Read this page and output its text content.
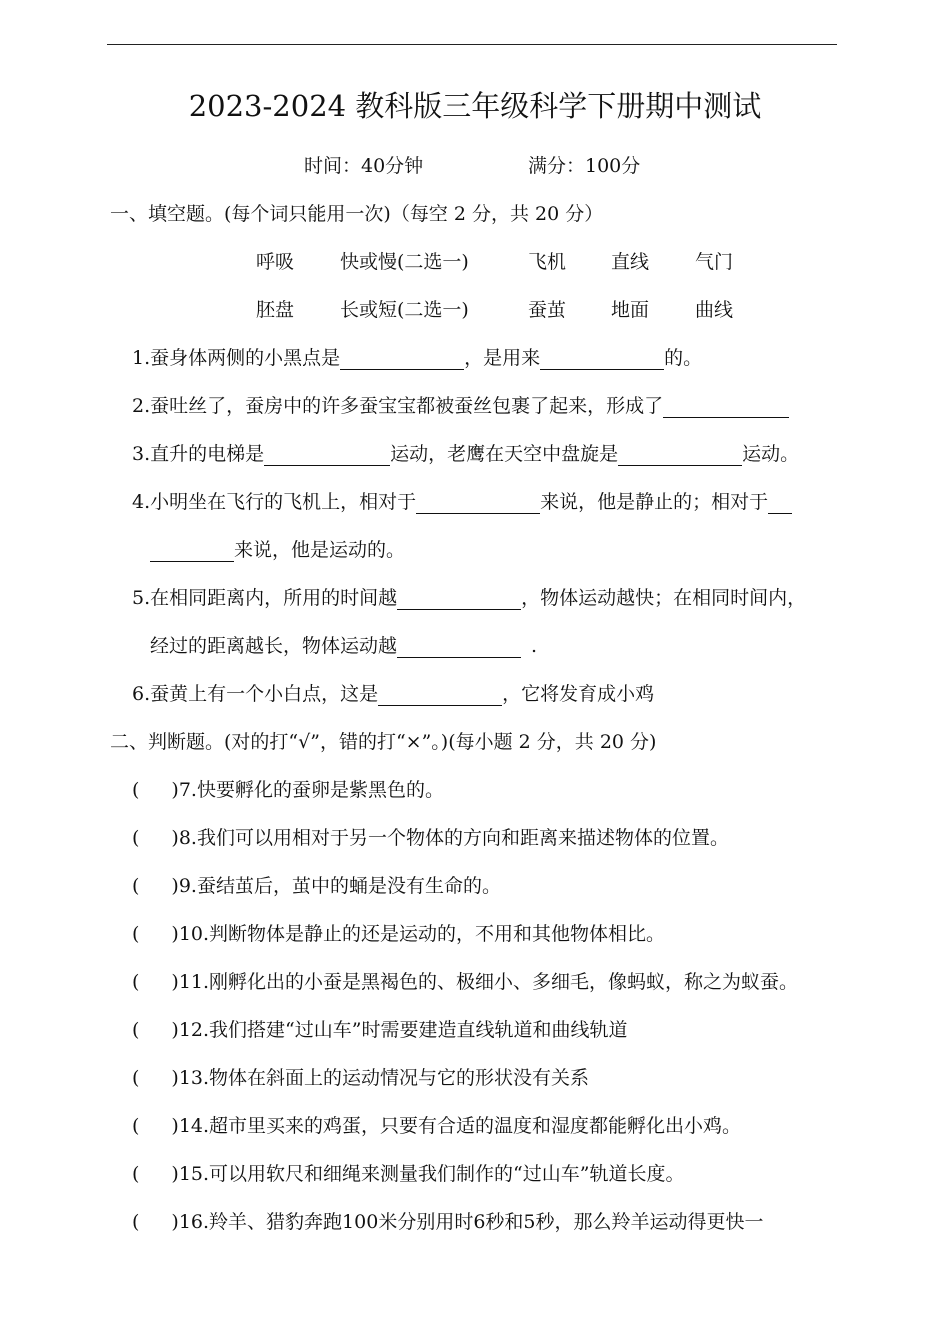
2023-2024 教科版三年级科学下册期中测试
时间：40分钟	满分：100分
一、填空题。(每个词只能用一次)（每空 2 分，共 20 分）
呼吸 快或慢(二选一)	飞机 直线 气门
胚盘 长或短(二选一)	蚕茧 地面 曲线
1.蚕身体两侧的小黑点是	，是用来	的。
2.蚕吐丝了，蚕房中的许多蚕宝宝都被蚕丝包裹了起来，形成了
3.直升的电梯是	运动，老鹰在天空中盘旋是	运动。
4.小明坐在飞行的飞机上，相对于	来说，他是静止的；相对于
来说，他是运动的。
5.在相同距离内，所用的时间越	，物体运动越快；在相同时间内，
经过的距离越长，物体运动越	.
6.蚕黄上有一个小白点，这是	，它将发育成小鸡
二、判断题。(对的打“√”，错的打“×”。)(每小题 2 分，共 20 分)
( )7.快要孵化的蚕卵是紫黑色的。
( )8.我们可以用相对于另一个物体的方向和距离来描述物体的位置。
( )9.蚕结茧后，茧中的蛹是没有生命的。
( )10.判断物体是静止的还是运动的，不用和其他物体相比。
( )11.刚孵化出的小蚕是黑褐色的、极细小、多细毛，像蚂蚁，称之为蚁蚕。
( )12.我们搭建“过山车”时需要建造直线轨道和曲线轨道
( )13.物体在斜面上的运动情况与它的形状没有关系
( )14.超市里买来的鸡蛋，只要有合适的温度和湿度都能孵化出小鸡。
( )15.可以用软尺和细绳来测量我们制作的“过山车”轨道长度。
( )16.羚羊、猎豹奔跑100米分别用时6秒和5秒，那么羚羊运动得更快一
